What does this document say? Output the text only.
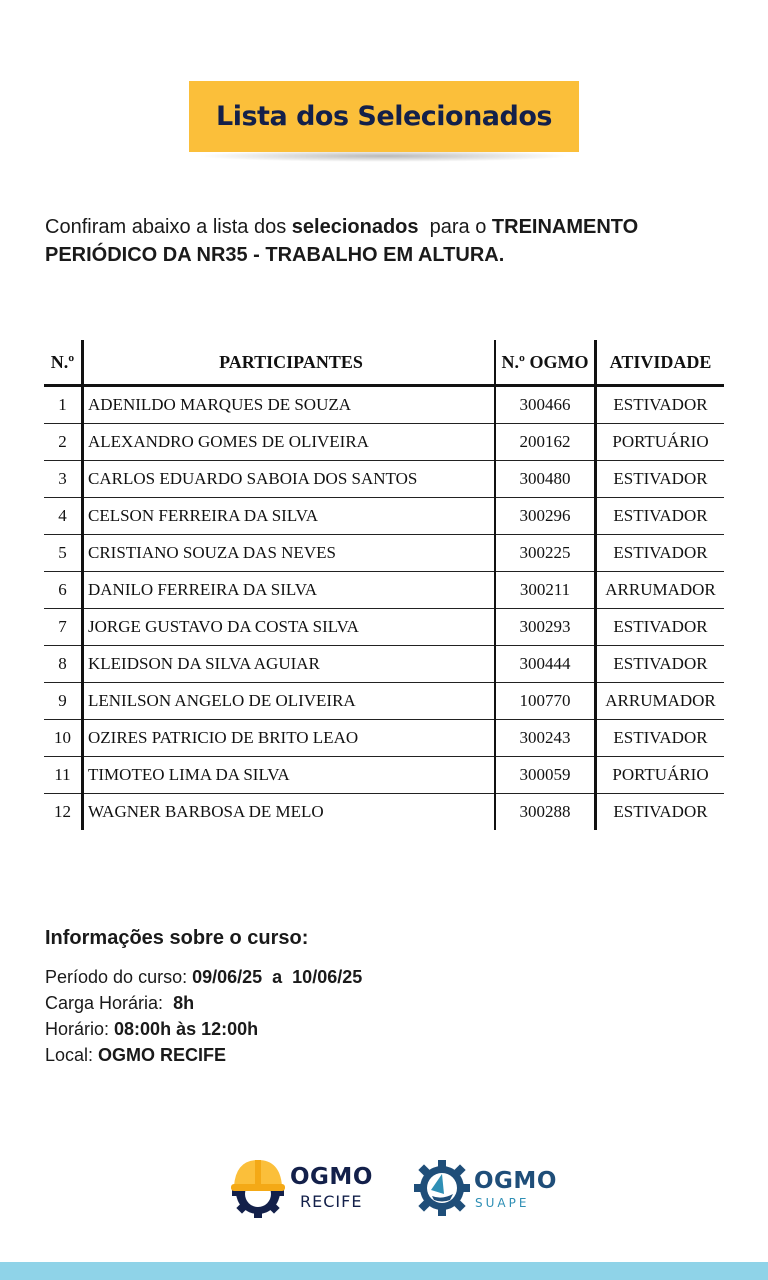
Lista dos Selecionados
Confiram abaixo a lista dos selecionados  para o TREINAMENTO PERIÓDICO DA NR35 - TRABALHO EM ALTURA.
N.º	PARTICIPANTES	N.º OGMO	ATIVIDADE
1	ADENILDO MARQUES DE SOUZA	300466	ESTIVADOR
2	ALEXANDRO GOMES DE OLIVEIRA	200162	PORTUÁRIO
3	CARLOS EDUARDO SABOIA DOS SANTOS	300480	ESTIVADOR
4	CELSON FERREIRA DA SILVA	300296	ESTIVADOR
5	CRISTIANO SOUZA DAS NEVES	300225	ESTIVADOR
6	DANILO FERREIRA DA SILVA	300211	ARRUMADOR
7	JORGE GUSTAVO DA COSTA SILVA	300293	ESTIVADOR
8	KLEIDSON DA SILVA AGUIAR	300444	ESTIVADOR
9	LENILSON ANGELO DE OLIVEIRA	100770	ARRUMADOR
10	OZIRES PATRICIO DE BRITO LEAO	300243	ESTIVADOR
11	TIMOTEO LIMA DA SILVA	300059	PORTUÁRIO
12	WAGNER BARBOSA DE MELO	300288	ESTIVADOR
Informações sobre o curso:

Período do curso: 09/06/25  a  10/06/25

Carga Horária:  8h

Horário: 08:00h às 12:00h

Local: OGMO RECIFE

OGMO
RECIFE
OGMO
SUAPE
